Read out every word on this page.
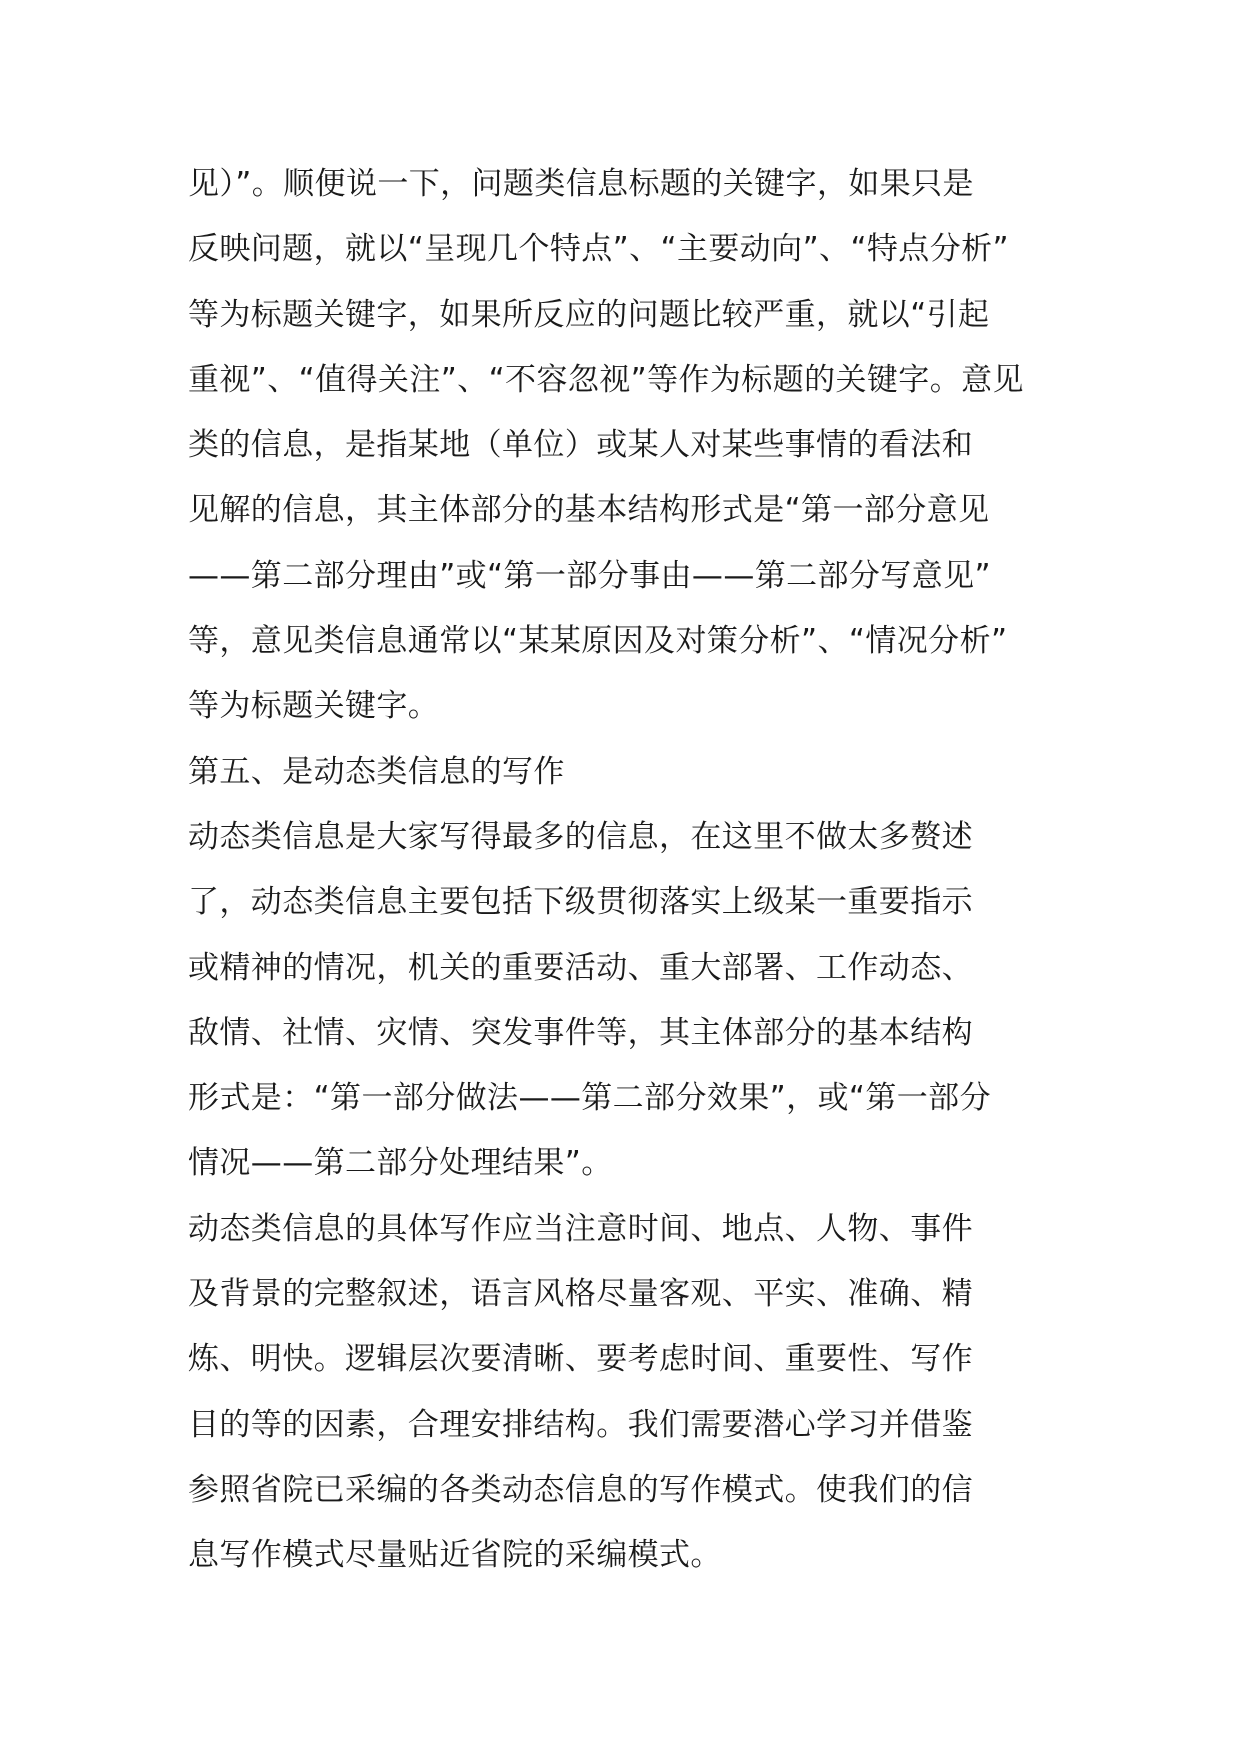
见）”。顺便说一下，问题类信息标题的关键字，如果只是
反映问题，就以“呈现几个特点”、“主要动向”、“特点分析”
等为标题关键字，如果所反应的问题比较严重，就以“引起
重视”、“值得关注”、“不容忽视”等作为标题的关键字。意见
类的信息，是指某地（单位）或某人对某些事情的看法和
见解的信息，其主体部分的基本结构形式是“第一部分意见
——第二部分理由”或“第一部分事由——第二部分写意见”
等，意见类信息通常以“某某原因及对策分析”、“情况分析”
等为标题关键字。
第五、是动态类信息的写作
动态类信息是大家写得最多的信息，在这里不做太多赘述
了，动态类信息主要包括下级贯彻落实上级某一重要指示
或精神的情况，机关的重要活动、重大部署、工作动态、
敌情、社情、灾情、突发事件等，其主体部分的基本结构
形式是：“第一部分做法——第二部分效果”，或“第一部分
情况——第二部分处理结果”。
动态类信息的具体写作应当注意时间、地点、人物、事件
及背景的完整叙述，语言风格尽量客观、平实、准确、精
炼、明快。逻辑层次要清晰、要考虑时间、重要性、写作
目的等的因素，合理安排结构。我们需要潜心学习并借鉴
参照省院已采编的各类动态信息的写作模式。使我们的信
息写作模式尽量贴近省院的采编模式。
